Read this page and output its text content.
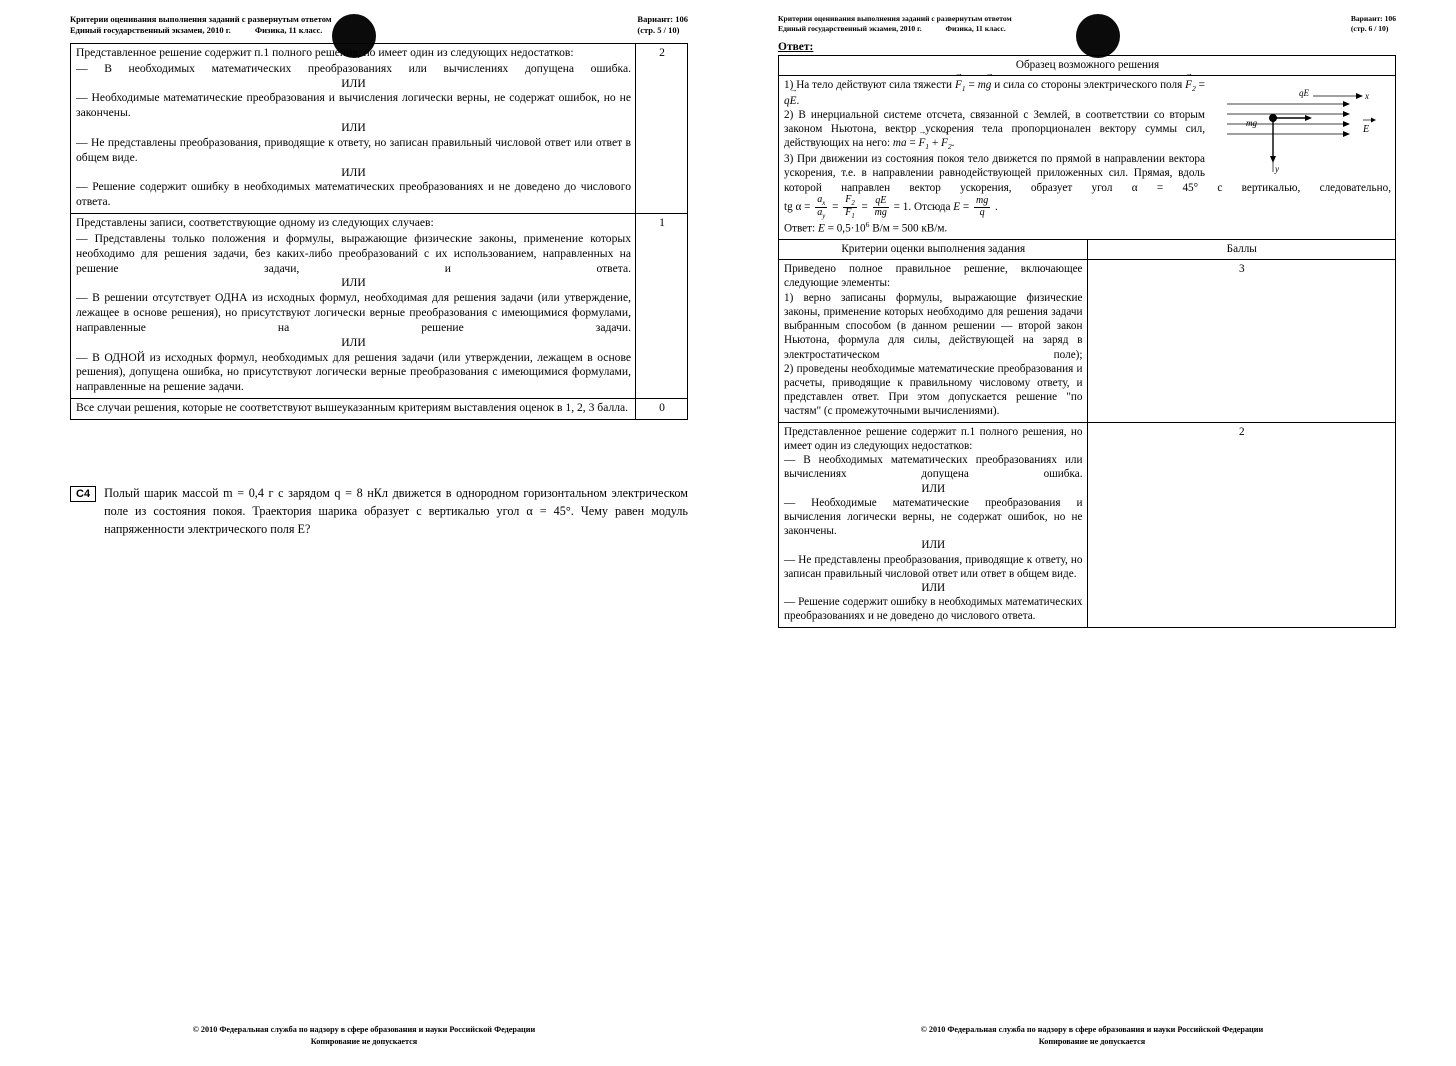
Критерии оценивания выполнения заданий с развернутым ответом
Единый государственный экзамен, 2010 г.	Физика, 11 класс.
Вариант: 106
(стр. 5 / 10)

Представленное решение содержит п.1 полного решения, но имеет один из следующих недостатков:

— В необходимых математических преобразованиях или вычислениях допущена ошибка.

ИЛИ

— Необходимые математические преобразования и вычисления логически верны, не содержат ошибок, но не закончены.

ИЛИ

— Не представлены преобразования, приводящие к ответу, но записан правильный числовой ответ или ответ в общем виде.

ИЛИ

— Решение содержит ошибку в необходимых математических преобразованиях и не доведено до числового ответа.

	2

Представлены записи, соответствующие одному из следующих случаев:

— Представлены только положения и формулы, выражающие физические законы, применение которых необходимо для решения задачи, без каких-либо преобразований с их использованием, направленных на решение задачи, и ответа.

ИЛИ

— В решении отсутствует ОДНА из исходных формул, необходимая для решения задачи (или утверждение, лежащее в основе решения), но присутствуют логически верные преобразования с имеющимися формулами, направленные на решение задачи.

ИЛИ

— В ОДНОЙ из исходных формул, необходимых для решения задачи (или утверждении, лежащем в основе решения), допущена ошибка, но присутствуют логически верные преобразования с имеющимися формулами, направленные на решение задачи.

	1

Все случаи решения, которые не соответствуют вышеуказанным критериям выставления оценок в 1, 2, 3 балла.	0
C4	Полый шарик массой m = 0,4 г с зарядом q = 8 нКл движется в однородном горизонтальном электрическом поле из состояния покоя. Траектория шарика образует с вертикалью угол α = 45°. Чему равен модуль напряженности электрического поля E?
© 2010 Федеральная служба по надзору в сфере образования и науки Российской Федерации
Копирование не допускается
Критерии оценивания выполнения заданий с развернутым ответом
Единый государственный экзамен, 2010 г.	Физика, 11 класс.
Вариант: 106
(стр. 6 / 10)
Ответ:
Образец возможного решения	

x
y
qE
mg
E

1) На тело действуют сила тяжести $F \to_1$ = mg → и сила со стороны электрического поля $F \to_2$ = qE →.

2) В инерциальной системе отсчета, связанной с Землей, в соответствии со вторым законом Ньютона, вектор ускорения тела пропорционален вектору суммы сил, действующих на него: ma → = $F \to_1 + F \to_2$.

3) При движении из состояния покоя тело движется по прямой в направлении вектора ускорения, т.е. в направлении равнодействующей приложенных сил. Прямая, вдоль которой направлен вектор ускорения, образует угол α = 45° с вертикалью, следовательно,

tg $\alpha = \frac{a_x}{a_y} = \frac{F_2}{F_1} = \frac{qE}{mg} = 1$. Отсюда $E = \frac{mg}{q}$ .

Ответ: $E = 0,5\cdot 10^6$ В/м = 500 кВ/м.

Критерии оценки выполнения задания	Баллы

Приведено полное правильное решение, включающее следующие элементы:

1) верно записаны формулы, выражающие физические законы, применение которых необходимо для решения задачи выбранным способом (в данном решении — второй закон Ньютона, формула для силы, действующей на заряд в электростатическом поле);

2) проведены необходимые математические преобразования и расчеты, приводящие к правильному числовому ответу, и представлен ответ. При этом допускается решение "по частям" (с промежуточными вычислениями).	3

Представленное решение содержит п.1 полного решения, но имеет один из следующих недостатков:

— В необходимых математических преобразованиях или вычислениях допущена ошибка.

ИЛИ

— Необходимые математические преобразования и вычисления логически верны, не содержат ошибок, но не закончены.

ИЛИ

— Не представлены преобразования, приводящие к ответу, но записан правильный числовой ответ или ответ в общем виде.

ИЛИ

— Решение содержит ошибку в необходимых математических преобразованиях и не доведено до числового ответа.

	2
© 2010 Федеральная служба по надзору в сфере образования и науки Российской Федерации
Копирование не допускается
